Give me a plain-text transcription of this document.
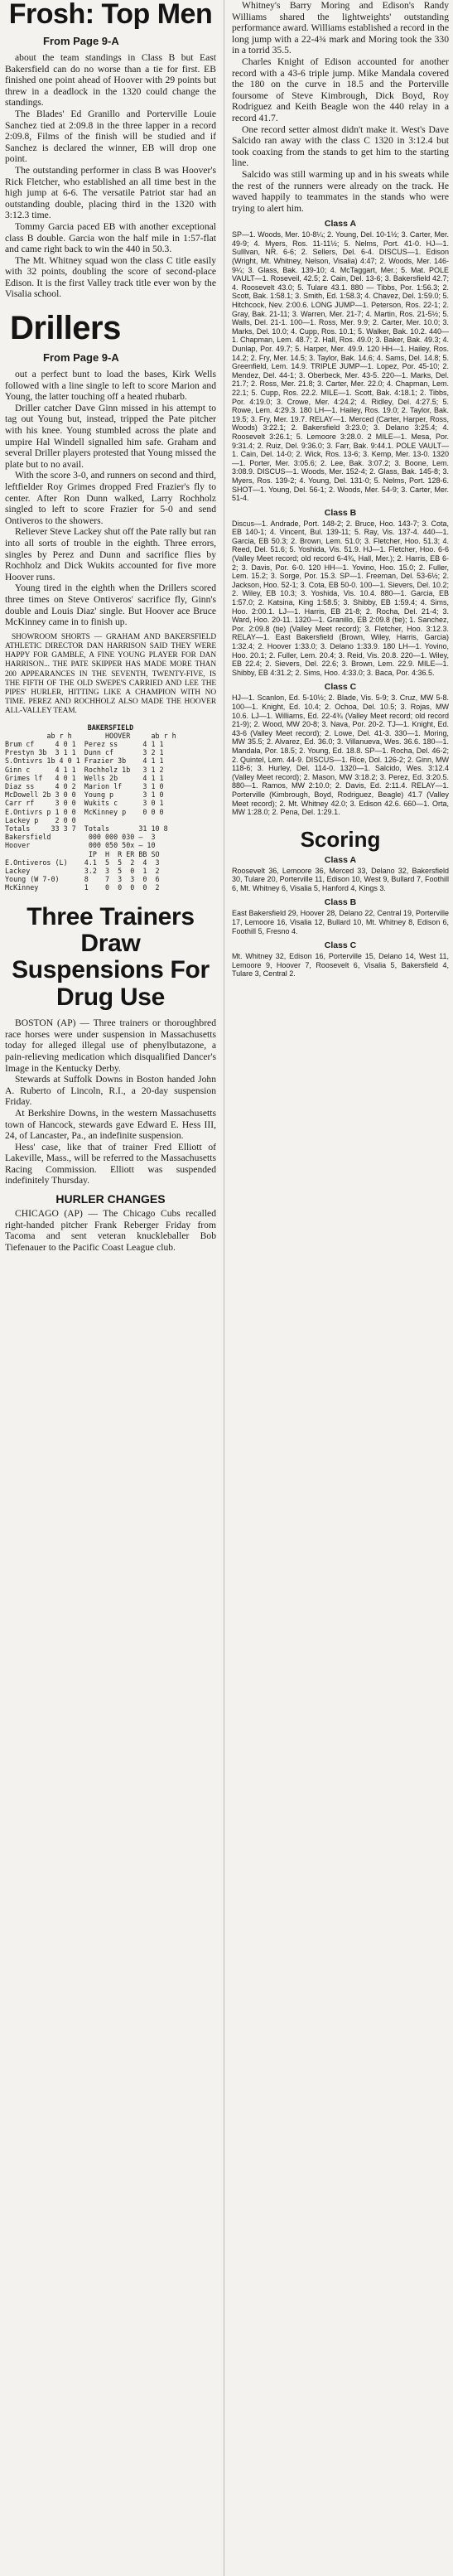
Frosh: Top Men
From Page 9-A

about the team standings in Class B but East Bakersfield can do no worse than a tie for first. EB finished one point ahead of Hoover with 29 points but threw in a deadlock in the 1320 could change the standings.

The Blades' Ed Granillo and Porterville Louie Sanchez tied at 2:09.8 in the three lapper in a record 2:09.8, Films of the finish will be studied and if Sanchez is declared the winner, EB will drop one point.

The outstanding performer in class B was Hoover's Rick Fletcher, who established an all time best in the high jump at 6-6. The versatile Patriot star had an outstanding double, placing third in the 1320 with 3:12.3 time.

Tommy Garcia paced EB with another exceptional class B double. Garcia won the half mile in 1:57-flat and came right back to win the 440 in 50.3.

The Mt. Whitney squad won the class C title easily with 32 points, doubling the score of second-place Edison. It is the first Valley track title ever won by the Visalia school.

Drillers
From Page 9-A

out a perfect bunt to load the bases, Kirk Wells followed with a line single to left to score Marion and Young, the latter touching off a heated rhubarb.

Driller catcher Dave Ginn missed in his attempt to tag out Young but, instead, tripped the Pate pitcher with his knee. Young stumbled across the plate and umpire Hal Windell signalled him safe. Graham and several Driller players protested that Young missed the plate but to no avail.

With the score 3-0, and runners on second and third, leftfielder Roy Grimes dropped Fred Frazier's fly to center. After Ron Dunn walked, Larry Rochholz singled to left to score Frazier for 5-0 and send Ontiveros to the showers.

Reliever Steve Lackey shut off the Pate rally but ran into all sorts of trouble in the eighth. Three errors, singles by Perez and Dunn and sacrifice flies by Rochholz and Dick Wukits accounted for five more Hoover runs.

Young tired in the eighth when the Drillers scored three times on Steve Ontiveros' sacrifice fly, Ginn's double and Louis Diaz' single. But Hoover ace Bruce McKinney came in to finish up.

SHOWROOM SHORTS — GRAHAM AND BAKERSFIELD ATHLETIC DIRECTOR DAN HARRISON SAID THEY WERE HAPPY FOR GAMBLE, A FINE YOUNG PLAYER FOR DAN HARRISON... THE PATE SKIPPER HAS MADE MORE THAN 200 APPEARANCES IN THE SEVENTH, TWENTY-FIVE, IS THE FIFTH OF THE OLD SWEPE'S CARRIED AND LEE THE PIPES' HURLER, HITTING LIKE A CHAMPION WITH NO TIME. PEREZ AND ROCHHOLZ ALSO MADE THE HOOVER ALL-VALLEY TEAM.

BAKERSFIELD
ab r h        HOOVER     ab r h
Brum cf     4 0 1  Perez ss      4 1 1
Prestyn 3b  3 1 1  Dunn cf       3 2 1
S.Ontivrs 1b 4 0 1 Frazier 3b    4 1 1
Ginn c      4 1 1  Rochholz 1b   3 1 2
Grimes lf   4 0 1  Wells 2b      4 1 1
Diaz ss     4 0 2  Marion lf     3 1 0
McDowell 2b 3 0 0  Young p       3 1 0
Carr rf     3 0 0  Wukits c      3 0 1
E.Ontivrs p 1 0 0  McKinney p    0 0 0
Lackey p    2 0 0
Totals     33 3 7  Totals       31 10 8
Bakersfield         000 000 030 —  3
Hoover              000 050 50x — 10
IP  H  R ER BB SO
E.Ontiveros (L)    4.1  5  5  2  4  3
Lackey             3.2  3  5  0  1  2
Young (W 7-0)      8    7  3  3  0  6
McKinney           1    0  0  0  0  2
Three Trainers Draw Suspensions For Drug Use

BOSTON (AP) — Three trainers or thoroughbred race horses were under suspension in Massachusetts today for alleged illegal use of phenylbutazone, a pain-relieving medication which disqualified Dancer's Image in the Kentucky Derby.

Stewards at Suffolk Downs in Boston handed John A. Ruberto of Lincoln, R.I., a 20-day suspension Friday.

At Berkshire Downs, in the western Massachusetts town of Hancock, stewards gave Edward E. Hess III, 24, of Lancaster, Pa., an indefinite suspension.

Hess' case, like that of trainer Fred Elliott of Lakeville, Mass., will be referred to the Massachusetts Racing Commission. Elliott was suspended indefinitely Thursday.

HURLER CHANGES

CHICAGO (AP) — The Chicago Cubs recalled right-handed pitcher Frank Reberger Friday from Tacoma and sent veteran knuckleballer Bob Tiefenauer to the Pacific Coast League club.

Whitney's Barry Moring and Edison's Randy Williams shared the lightweights' outstanding performance award. Williams established a record in the long jump with a 22-4¾ mark and Moring took the 330 in a torrid 35.5.

Charles Knight of Edison accounted for another record with a 43-6 triple jump. Mike Mandala covered the 180 on the curve in 18.5 and the Porterville foursome of Steve Kimbrough, Dick Boyd, Roy Rodriguez and Keith Beagle won the 440 relay in a record 41.7.

One record setter almost didn't make it. West's Dave Salcido ran away with the class C 1320 in 3:12.4 but took coaxing from the stands to get him to the starting line.

Salcido was still warming up and in his sweats while the rest of the runners were already on the track. He waved happily to teammates in the stands who were trying to alert him.

Class A

SP—1. Woods, Mer. 10-8¼; 2. Young, Del. 10-1½; 3. Carter, Mer. 49-9; 4. Myers, Ros. 11-11½; 5. Nelms, Port. 41-0. HJ—1. Sulllvan, NR. 6-6; 2. Sellers, Del. 6-4. DISCUS—1. Edison (Wright, Mt. Whitney, Nelson, Visalia) 4:47; 2. Woods, Mer. 146-9¼; 3. Glass, Bak. 139-10; 4. McTaggart, Mer.; 5. Mat. POLE VAULT—1. Roseveil, 42.5; 2. Cain, Del. 13-6; 3. Bakersfield 42.7; 4. Roosevelt 43.0; 5. Tulare 43.1. 880 — Tibbs, Por. 1:56.3; 2. Scott, Bak. 1:58.1; 3. Smith, Ed. 1:58.3; 4. Chavez, Del. 1:59.0; 5. Hitchcock, Nev. 2:00.6. LONG JUMP—1. Peterson, Ros. 22-1; 2. Gray, Bak. 21-11; 3. Warren, Mer. 21-7; 4. Martin, Ros. 21-5½; 5. Walls, Del. 21-1. 100—1. Ross, Mer. 9.9; 2. Carter, Mer. 10.0; 3. Marks, Del. 10.0; 4. Cupp, Ros. 10.1; 5. Walker, Bak. 10.2. 440—1. Chapman, Lem. 48.7; 2. Hall, Ros. 49.0; 3. Baker, Bak. 49.3; 4. Dunlap, Por. 49.7; 5. Harper, Mer. 49.9. 120 HH—1. Hailey, Ros. 14.2; 2. Fry, Mer. 14.5; 3. Taylor, Bak. 14.6; 4. Sams, Del. 14.8; 5. Greenfield, Lem. 14.9. TRIPLE JUMP—1. Lopez, Por. 45-10; 2. Mendez, Del. 44-1; 3. Oberbeck, Mer. 43-5. 220—1. Marks, Del. 21.7; 2. Ross, Mer. 21.8; 3. Carter, Mer. 22.0; 4. Chapman, Lem. 22.1; 5. Cupp, Ros. 22.2. MILE—1. Scott, Bak. 4:18.1; 2. Tibbs, Por. 4:19.0; 3. Crowe, Mer. 4:24.2; 4. Ridley, Del. 4:27.5; 5. Rowe, Lem. 4:29.3. 180 LH—1. Hailey, Ros. 19.0; 2. Taylor, Bak. 19.5; 3. Fry, Mer. 19.7. RELAY—1. Merced (Carter, Harper, Ross, Woods) 3:22.1; 2. Bakersfield 3:23.0; 3. Delano 3:25.4; 4. Roosevelt 3:26.1; 5. Lemoore 3:28.0. 2 MILE—1. Mesa, Por. 9:31.4; 2. Ruiz, Del. 9:36.0; 3. Farr, Bak. 9:44.1. POLE VAULT—1. Cain, Del. 14-0; 2. Wick, Ros. 13-6; 3. Kemp, Mer. 13-0. 1320—1. Porter, Mer. 3:05.6; 2. Lee, Bak. 3:07.2; 3. Boone, Lem. 3:08.9. DISCUS—1. Woods, Mer. 152-4; 2. Glass, Bak. 145-8; 3. Myers, Ros. 139-2; 4. Young, Del. 131-0; 5. Nelms, Port. 128-6. SHOT—1. Young, Del. 56-1; 2. Woods, Mer. 54-9; 3. Carter, Mer. 51-4.

Class B

Discus—1. Andrade, Port. 148-2; 2. Bruce, Hoo. 143-7; 3. Cota, EB 140-1; 4. Vincent, Bul. 139-11; 5. Ray, Vis. 137-4. 440—1. Garcia, EB 50.3; 2. Brown, Lem. 51.0; 3. Fletcher, Hoo. 51.3; 4. Reed, Del. 51.6; 5. Yoshida, Vis. 51.9. HJ—1. Fletcher, Hoo. 6-6 (Valley Meet record; old record 6-4¾, Hall, Mer.); 2. Harris, EB 6-2; 3. Davis, Por. 6-0. 120 HH—1. Yovino, Hoo. 15.0; 2. Fuller, Lem. 15.2; 3. Sorge, Por. 15.3. SP—1. Freeman, Del. 53-6½; 2. Jackson, Hoo. 52-1; 3. Cota, EB 50-0. 100—1. Sievers, Del. 10.2; 2. Wiley, EB 10.3; 3. Yoshida, Vis. 10.4. 880—1. Garcia, EB 1:57.0; 2. Katsina, King 1:58.5; 3. Shibby, EB 1:59.4; 4. Sims, Hoo. 2:00.1. LJ—1. Harris, EB 21-8; 2. Rocha, Del. 21-4; 3. Ward, Hoo. 20-11. 1320—1. Granillo, EB 2:09.8 (tie); 1. Sanchez, Por. 2:09.8 (tie) (Valley Meet record); 3. Fletcher, Hoo. 3:12.3. RELAY—1. East Bakersfield (Brown, Wiley, Harris, Garcia) 1:32.4; 2. Hoover 1:33.0; 3. Delano 1:33.9. 180 LH—1. Yovino, Hoo. 20.1; 2. Fuller, Lem. 20.4; 3. Reid, Vis. 20.8. 220—1. Wiley, EB 22.4; 2. Sievers, Del. 22.6; 3. Brown, Lem. 22.9. MILE—1. Shibby, EB 4:31.2; 2. Sims, Hoo. 4:33.0; 3. Baca, Por. 4:36.5.

Class C

HJ—1. Scanlon, Ed. 5-10½; 2. Blade, Vis. 5-9; 3. Cruz, MW 5-8. 100—1. Knight, Ed. 10.4; 2. Ochoa, Del. 10.5; 3. Rojas, MW 10.6. LJ—1. Williams, Ed. 22-4¾ (Valley Meet record; old record 21-9); 2. Wood, MW 20-8; 3. Nava, Por. 20-2. TJ—1. Knight, Ed. 43-6 (Valley Meet record); 2. Lowe, Del. 41-3. 330—1. Moring, MW 35.5; 2. Alvarez, Ed. 36.0; 3. Villanueva, Wes. 36.6. 180—1. Mandala, Por. 18.5; 2. Young, Ed. 18.8. SP—1. Rocha, Del. 46-2; 2. Quintel, Lem. 44-9. DISCUS—1. Rice, Dol. 126-2; 2. Ginn, MW 118-6; 3. Hurley, Del. 114-0. 1320—1. Salcido, Wes. 3:12.4 (Valley Meet record); 2. Mason, MW 3:18.2; 3. Perez, Ed. 3:20.5. 880—1. Ramos, MW 2:10.0; 2. Davis, Ed. 2:11.4. RELAY—1. Porterville (Kimbrough, Boyd, Rodriguez, Beagle) 41.7 (Valley Meet record); 2. Mt. Whitney 42.0; 3. Edison 42.6. 660—1. Orta, MW 1:28.0; 2. Pena, Del. 1:29.1.

Scoring
Class A

Roosevelt 36, Lemoore 36, Merced 33, Delano 32, Bakersfield 30, Tulare 20, Porterville 11, Edison 10, West 9, Bullard 7, Foothill 6, Mt. Whitney 6, Visalia 5, Hanford 4, Kings 3.

Class B

East Bakersfield 29, Hoover 28, Delano 22, Central 19, Porterville 17, Lemoore 16, Visalia 12, Bullard 10, Mt. Whitney 8, Edison 6, Foothill 5, Fresno 4.

Class C

Mt. Whitney 32, Edison 16, Porterville 15, Delano 14, West 11, Lemoore 9, Hoover 7, Roosevelt 6, Visalia 5, Bakersfield 4, Tulare 3, Central 2.
